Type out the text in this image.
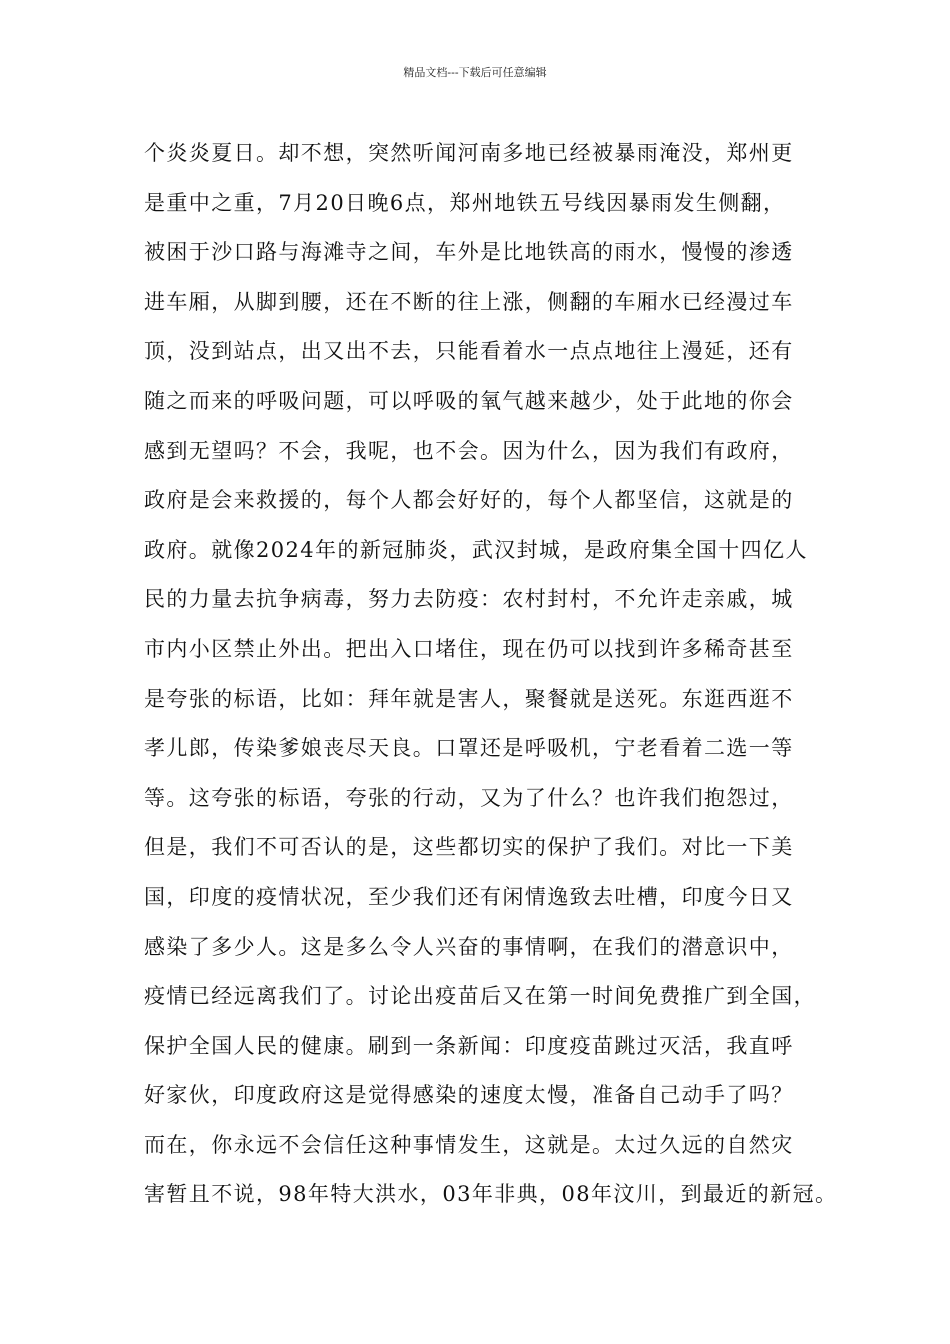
精品文档---下载后可任意编辑
个炎炎夏日。却不想，突然听闻河南多地已经被暴雨淹没，郑州更
是重中之重，7月20日晚6点，郑州地铁五号线因暴雨发生侧翻，
被困于沙口路与海滩寺之间，车外是比地铁高的雨水，慢慢的渗透
进车厢，从脚到腰，还在不断的往上涨，侧翻的车厢水已经漫过车
顶，没到站点，出又出不去，只能看着水一点点地往上漫延，还有
随之而来的呼吸问题，可以呼吸的氧气越来越少，处于此地的你会
感到无望吗？不会，我呢，也不会。因为什么，因为我们有政府，
政府是会来救援的，每个人都会好好的，每个人都坚信，这就是的
政府。就像2024年的新冠肺炎，武汉封城，是政府集全国十四亿人
民的力量去抗争病毒，努力去防疫：农村封村，不允许走亲戚，城
市内小区禁止外出。把出入口堵住，现在仍可以找到许多稀奇甚至
是夸张的标语，比如：拜年就是害人，聚餐就是送死。东逛西逛不
孝儿郎，传染爹娘丧尽天良。口罩还是呼吸机，宁老看着二选一等
等。这夸张的标语，夸张的行动，又为了什么？也许我们抱怨过，
但是，我们不可否认的是，这些都切实的保护了我们。对比一下美
国，印度的疫情状况，至少我们还有闲情逸致去吐槽，印度今日又
感染了多少人。这是多么令人兴奋的事情啊，在我们的潜意识中，
疫情已经远离我们了。讨论出疫苗后又在第一时间免费推广到全国，
保护全国人民的健康。刷到一条新闻：印度疫苗跳过灭活，我直呼
好家伙，印度政府这是觉得感染的速度太慢，准备自己动手了吗？
而在，你永远不会信任这种事情发生，这就是。太过久远的自然灾
害暂且不说，98年特大洪水，03年非典，08年汶川，到最近的新冠。
